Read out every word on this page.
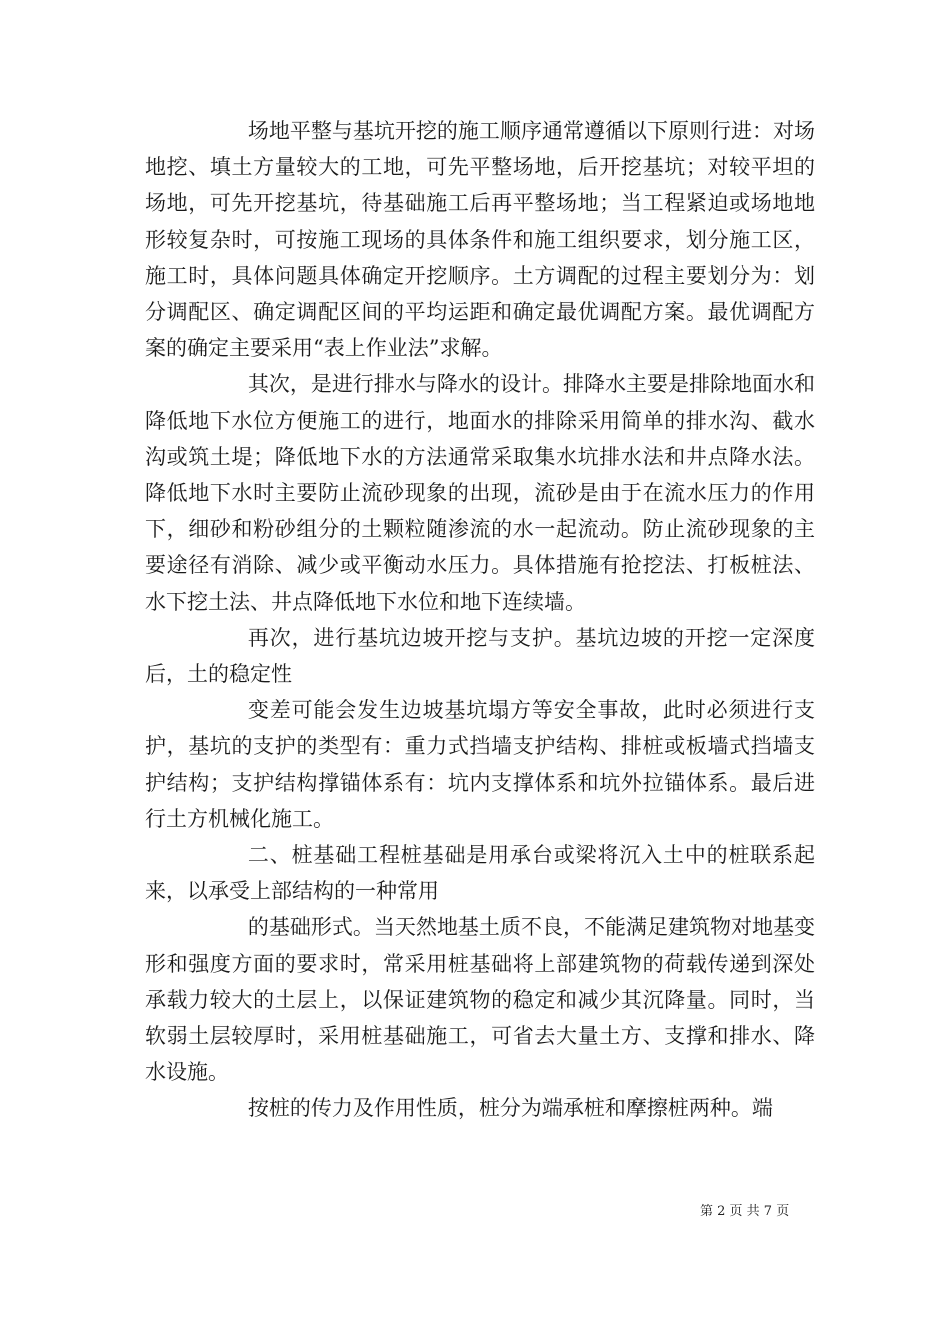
场地平整与基坑开挖的施工顺序通常遵循以下原则行进：对场地挖、填土方量较大的工地，可先平整场地，后开挖基坑；对较平坦的场地，可先开挖基坑，待基础施工后再平整场地；当工程紧迫或场地地形较复杂时，可按施工现场的具体条件和施工组织要求，划分施工区，施工时，具体问题具体确定开挖顺序。土方调配的过程主要划分为：划分调配区、确定调配区间的平均运距和确定最优调配方案。最优调配方案的确定主要采用“表上作业法”求解。

其次，是进行排水与降水的设计。排降水主要是排除地面水和降低地下水位方便施工的进行，地面水的排除采用简单的排水沟、截水沟或筑土堤；降低地下水的方法通常采取集水坑排水法和井点降水法。降低地下水时主要防止流砂现象的出现，流砂是由于在流水压力的作用下，细砂和粉砂组分的土颗粒随渗流的水一起流动。防止流砂现象的主要途径有消除、减少或平衡动水压力。具体措施有抢挖法、打板桩法、水下挖土法、井点降低地下水位和地下连续墙。

再次，进行基坑边坡开挖与支护。基坑边坡的开挖一定深度后，土的稳定性

变差可能会发生边坡基坑塌方等安全事故，此时必须进行支护，基坑的支护的类型有：重力式挡墙支护结构、排桩或板墙式挡墙支护结构；支护结构撑锚体系有：坑内支撑体系和坑外拉锚体系。最后进行土方机械化施工。

二、桩基础工程桩基础是用承台或梁将沉入土中的桩联系起来，以承受上部结构的一种常用

的基础形式。当天然地基土质不良，不能满足建筑物对地基变形和强度方面的要求时，常采用桩基础将上部建筑物的荷载传递到深处承载力较大的土层上，以保证建筑物的稳定和减少其沉降量。同时，当软弱土层较厚时，采用桩基础施工，可省去大量土方、支撑和排水、降水设施。

按桩的传力及作用性质，桩分为端承桩和摩擦桩两种。端

第 2 页 共 7 页
